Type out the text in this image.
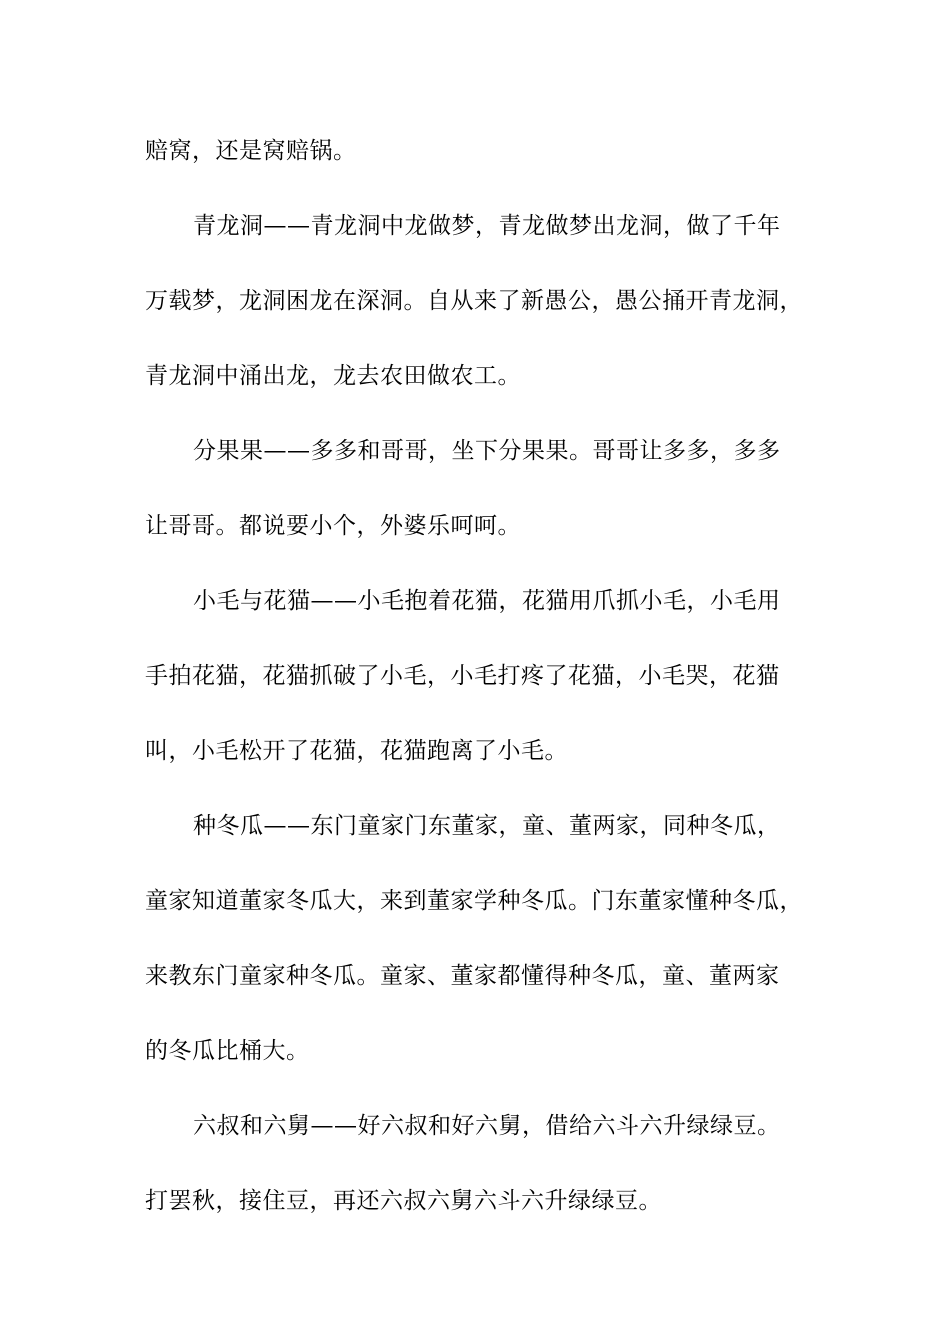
赔窝，还是窝赔锅。
青龙洞——青龙洞中龙做梦，青龙做梦出龙洞，做了千年
万载梦，龙洞困龙在深洞。自从来了新愚公，愚公捅开青龙洞，
青龙洞中涌出龙，龙去农田做农工。
分果果——多多和哥哥，坐下分果果。哥哥让多多，多多
让哥哥。都说要小个，外婆乐呵呵。
小毛与花猫——小毛抱着花猫，花猫用爪抓小毛，小毛用
手拍花猫，花猫抓破了小毛，小毛打疼了花猫，小毛哭，花猫
叫，小毛松开了花猫，花猫跑离了小毛。
种冬瓜——东门童家门东董家，童、董两家，同种冬瓜，
童家知道董家冬瓜大，来到董家学种冬瓜。门东董家懂种冬瓜，
来教东门童家种冬瓜。童家、董家都懂得种冬瓜，童、董两家
的冬瓜比桶大。
六叔和六舅——好六叔和好六舅，借给六斗六升绿绿豆。
打罢秋，接住豆，再还六叔六舅六斗六升绿绿豆。
